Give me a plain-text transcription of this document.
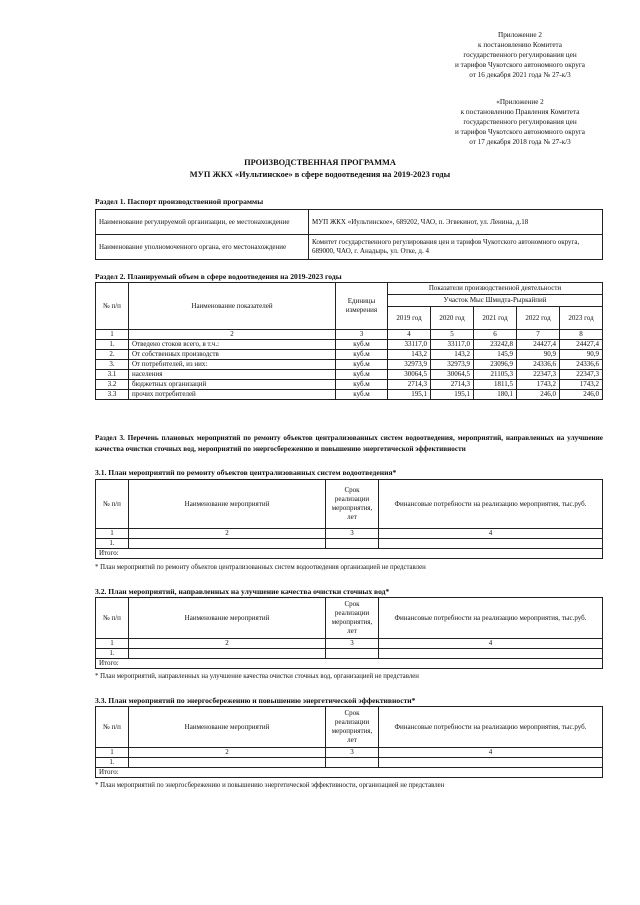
Приложение 2
к постановлению Комитета
государственного регулирования цен
и тарифов Чукотского автономного округа
от 16 декабря 2021 года № 27-к/3
«Приложение 2
к постановлению Правления Комитета
государственного регулирования цен
и тарифов Чукотского автономного округа
от 17 декабря 2018 года № 27-к/3
ПРОИЗВОДСТВЕННАЯ ПРОГРАММА
МУП ЖКХ «Иультинское» в сфере водоотведения на 2019-2023 годы
Раздел 1. Паспорт производственной программы
Наименование регулируемой организации, ее местонахождение	МУП ЖКХ «Иультинское», 689202, ЧАО, п. Эгвекинот, ул. Ленина, д.18
Наименование уполномоченного органа, его местонахождение	Комитет государственного регулирования цен и тарифов Чукотского автономного округа, 689000, ЧАО, г. Анадырь, ул. Отке, д. 4
Раздел 2. Планируемый объем в сфере водоотведения на 2019-2023 годы
№ п/п	Наименование показателей	Единицы измерения	Показатели производственной деятельности				
			Участок Мыс Шмидта-Рыркайпий				
			2019 год	2020 год	2021 год	2022 год	2023 год
1	2	3	4	5	6	7	8
1.	Отведено стоков всего, в т.ч.:	куб.м	33117,0	33117,0	23242,8	24427,4	24427,4
2.	От собственных производств	куб.м	143,2	143,2	145,9	90,9	90,9
3.	От потребителей, из них:	куб.м	32973,9	32973,9	23096,9	24336,6	24336,6
3.1	населения	куб.м	30064,5	30064,5	21105,3	22347,3	22347,3
3.2	бюджетных организаций	куб.м	2714,3	2714,3	1811,5	1743,2	1743,2
3.3	прочих потребителей	куб.м	195,1	195,1	180,1	246,0	246,0
Раздел 3. Перечень плановых мероприятий по ремонту объектов централизованных систем водоотведения, мероприятий, направленных на улучшение качества очистки сточных вод, мероприятий по энергосбережению и повышению энергетической эффективности
3.1. План мероприятий по ремонту объектов централизованных систем водоотведения*
№ п/п	Наименование мероприятий	Срок реализации мероприятия, лет	Финансовые потребности на реализацию мероприятия, тыс.руб.
1	2	3	4
1.			
Итого:			
* План мероприятий по ремонту объектов централизованных систем водоотведения организацией не представлен
3.2. План мероприятий, направленных на улучшение качества очистки сточных вод*
№ п/п	Наименование мероприятий	Срок реализации мероприятия, лет	Финансовые потребности на реализацию мероприятия, тыс.руб.
1	2	3	4
1.			
Итого:			
* План мероприятий, направленных на улучшение качества очистки сточных вод, организацией не представлен
3.3. План мероприятий по энергосбережению и повышению энергетической эффективности*
№ п/п	Наименование мероприятий	Срок реализации мероприятия, лет	Финансовые потребности на реализацию мероприятия, тыс.руб.
1	2	3	4
1.			
Итого:			
* План мероприятий по энергосбережению и повышению энергетической эффективности, организацией не представлен
